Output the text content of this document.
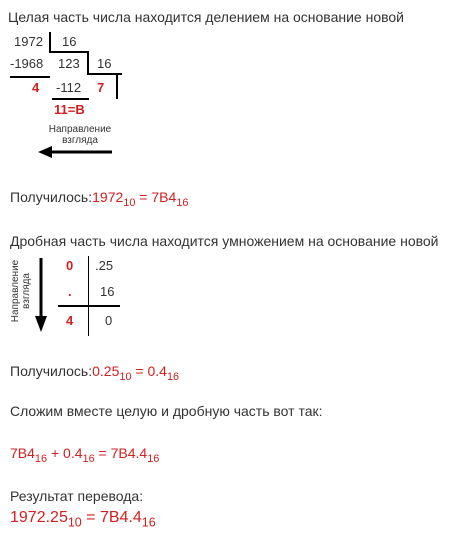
Целая часть числа находится делением на основание новой
1972 16
-1968 123 16
4 -112 7
11=B
Направление
взгляда
$Получилось:1972_{10} = 7B4_{16}$
Дробная часть числа находится умножением на основание новой
Направление взгляда
0 .25
. 16
4 0
$Получилось:0.25_{10} = 0.4_{16}$
Сложим вместе целую и дробную часть вот так:
$7B4_{16} + 0.4_{16} = 7B4.4_{16}$
Результат перевода:
$1972.25_{10} = 7B4.4_{16}$
